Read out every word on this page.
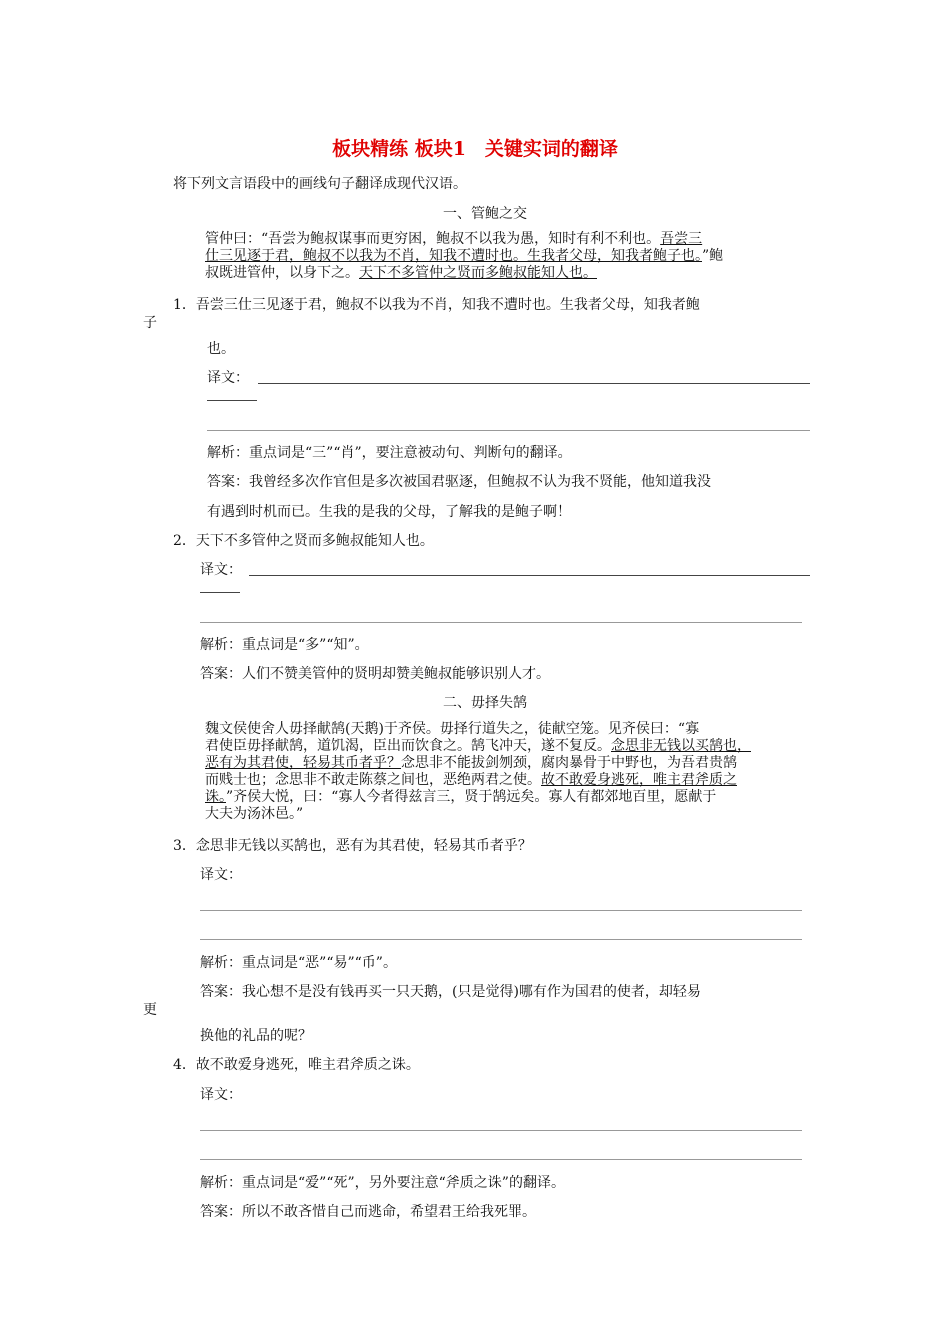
板块精练 板块1　关键实词的翻译
将下列文言语段中的画线句子翻译成现代汉语。
一、管鲍之交
管仲曰：“吾尝为鲍叔谋事而更穷困，鲍叔不以我为愚，知时有利不利也。吾尝三
仕三见逐于君，鲍叔不以我为不肖，知我不遭时也。生我者父母，知我者鲍子也。”鲍
叔既进管仲，以身下之。天下不多管仲之贤而多鲍叔能知人也。
1．吾尝三仕三见逐于君，鲍叔不以我为不肖，知我不遭时也。生我者父母，知我者鲍
子
也。
译文：
解析：重点词是“三”“肖”，要注意被动句、判断句的翻译。
答案：我曾经多次作官但是多次被国君驱逐，但鲍叔不认为我不贤能，他知道我没
有遇到时机而已。生我的是我的父母，了解我的是鲍子啊！
2．天下不多管仲之贤而多鲍叔能知人也。
译文：
解析：重点词是“多”“知”。
答案：人们不赞美管仲的贤明却赞美鲍叔能够识别人才。
二、毋择失鹄
魏文侯使舍人毋择献鹄(天鹅)于齐侯。毋择行道失之，徒献空笼。见齐侯曰：“寡
君使臣毋择献鹄，道饥渴，臣出而饮食之。鹄飞冲天，遂不复反。念思非无钱以买鹄也，
恶有为其君使，轻易其币者乎？念思非不能拔剑刎颈，腐肉暴骨于中野也，为吾君贵鹄
而贱士也；念思非不敢走陈蔡之间也，恶绝两君之使。故不敢爱身逃死，唯主君斧质之
诛。”齐侯大悦，曰：“寡人今者得兹言三，贤于鹄远矣。寡人有都郊地百里，愿献于
大夫为汤沐邑。”
3．念思非无钱以买鹄也，恶有为其君使，轻易其币者乎？
译文：
解析：重点词是“恶”“易”“币”。
答案：我心想不是没有钱再买一只天鹅，(只是觉得)哪有作为国君的使者，却轻易
更
换他的礼品的呢？
4．故不敢爱身逃死，唯主君斧质之诛。
译文：
解析：重点词是“爱”“死”，另外要注意“斧质之诛”的翻译。
答案：所以不敢吝惜自己而逃命，希望君王给我死罪。
